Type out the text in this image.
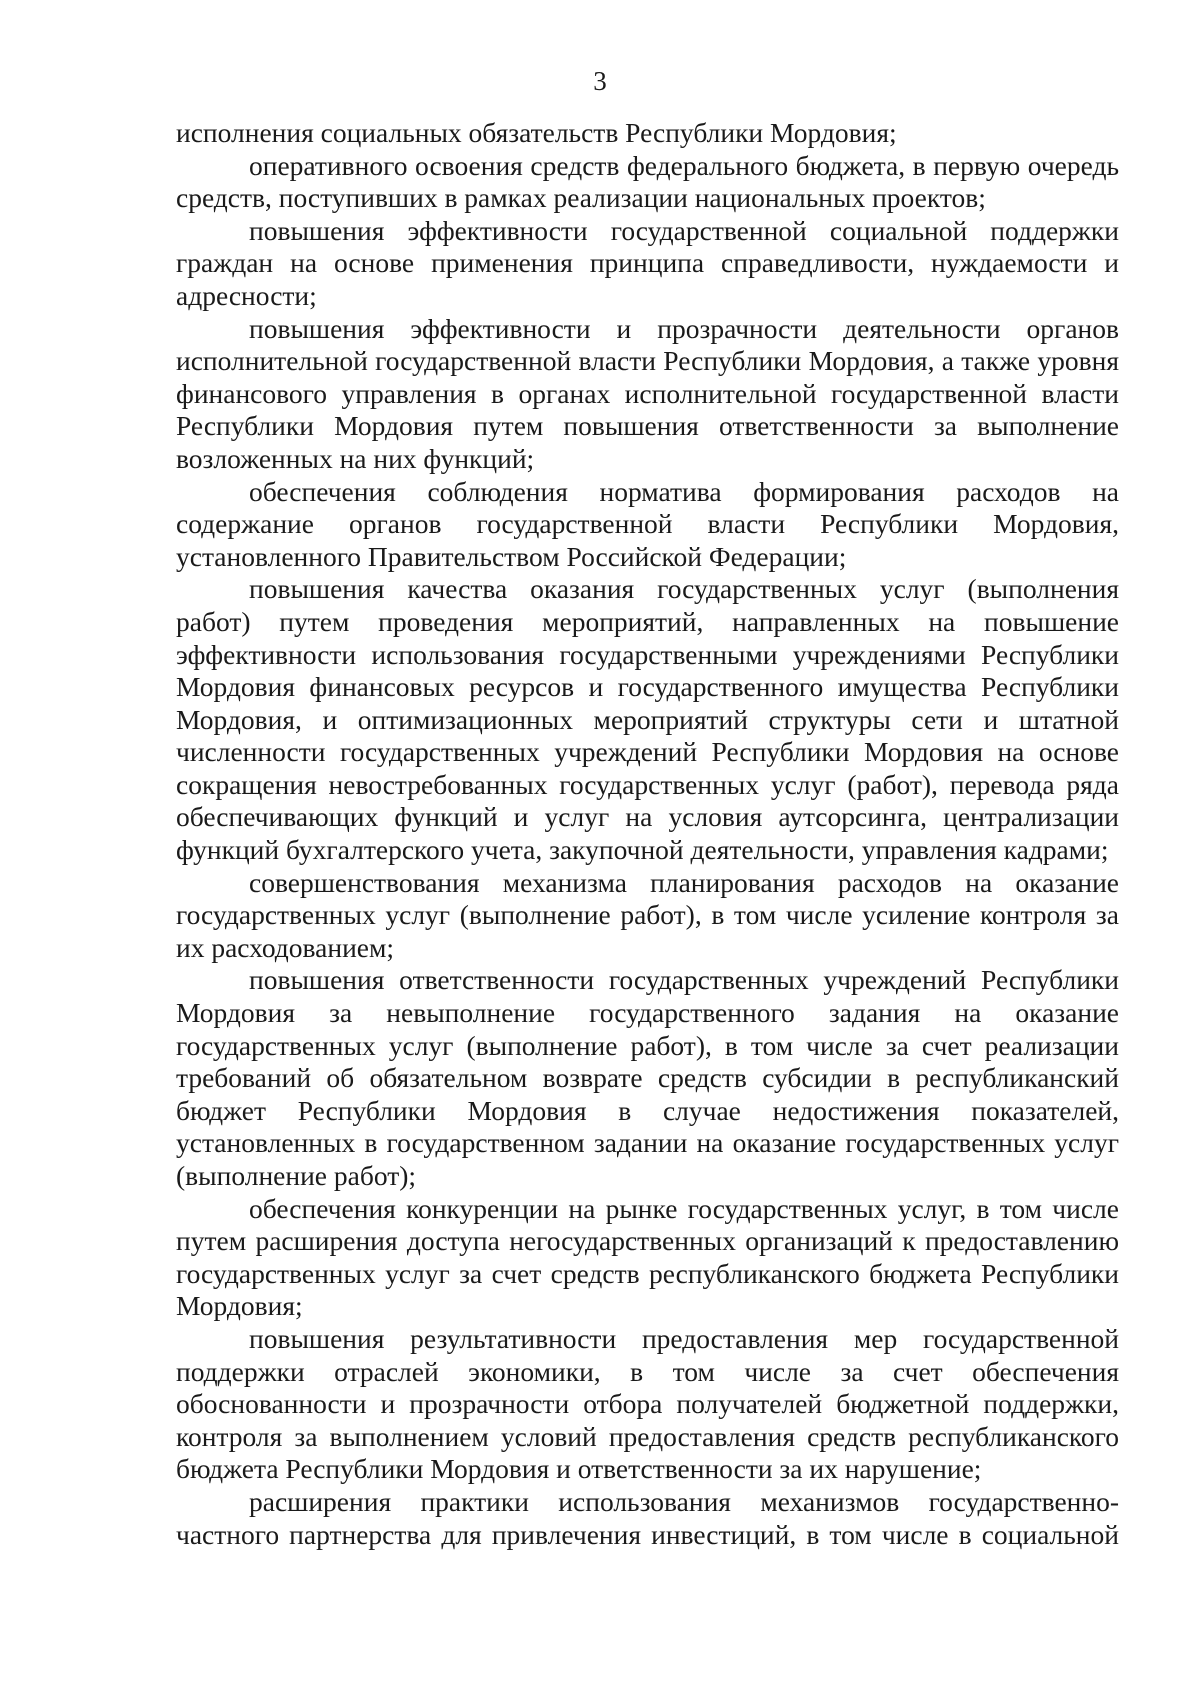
3

исполнения социальных обязательств Республики Мордовия;

оперативного освоения средств федерального бюджета, в первую очередь средств, поступивших в рамках реализации национальных проектов;

повышения эффективности государственной социальной поддержки граждан на основе применения принципа справедливости, нуждаемости и адресности;

повышения эффективности и прозрачности деятельности органов исполнительной государственной власти Республики Мордовия, а также уровня финансового управления в органах исполнительной государственной власти Республики Мордовия путем повышения ответственности за выполнение возложенных на них функций;

обеспечения соблюдения норматива формирования расходов на содержание органов государственной власти Республики Мордовия, установленного Правительством Российской Федерации;

повышения качества оказания государственных услуг (выполнения работ) путем проведения мероприятий, направленных на повышение эффективности использования государственными учреждениями Республики Мордовия финансовых ресурсов и государственного имущества Республики Мордовия, и оптимизационных мероприятий структуры сети и штатной численности государственных учреждений Республики Мордовия на основе сокращения невостребованных государственных услуг (работ), перевода ряда обеспечивающих функций и услуг на условия аутсорсинга, централизации функций бухгалтерского учета, закупочной деятельности, управления кадрами;

совершенствования механизма планирования расходов на оказание государственных услуг (выполнение работ), в том числе усиление контроля за их расходованием;

повышения ответственности государственных учреждений Республики Мордовия за невыполнение государственного задания на оказание государственных услуг (выполнение работ), в том числе за счет реализации требований об обязательном возврате средств субсидии в республиканский бюджет Республики Мордовия в случае недостижения показателей, установленных в государственном задании на оказание государственных услуг (выполнение работ);

обеспечения конкуренции на рынке государственных услуг, в том числе путем расширения доступа негосударственных организаций к предоставлению государственных услуг за счет средств республиканского бюджета Республики Мордовия;

повышения результативности предоставления мер государственной поддержки отраслей экономики, в том числе за счет обеспечения обоснованности и прозрачности отбора получателей бюджетной поддержки, контроля за выполнением условий предоставления средств республиканского бюджета Республики Мордовия и ответственности за их нарушение;

расширения практики использования механизмов государственно-частного партнерства для привлечения инвестиций, в том числе в социальной
